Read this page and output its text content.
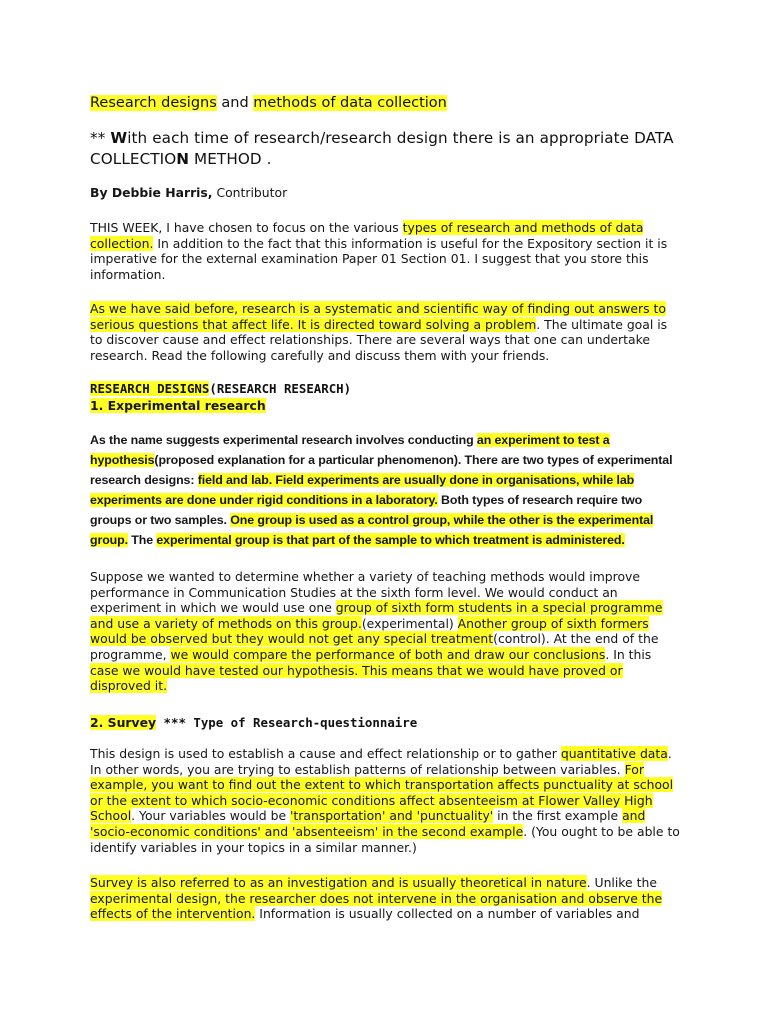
Research designs and methods of data collection

** With each time of research/research design there is an appropriate DATA COLLECTION METHOD .

By Debbie Harris, Contributor

THIS WEEK, I have chosen to focus on the various types of research and methods of data collection. In addition to the fact that this information is useful for the Expository section it is imperative for the external examination Paper 01 Section 01. I suggest that you store this information.

As we have said before, research is a systematic and scientific way of finding out answers to serious questions that affect life. It is directed toward solving a problem. The ultimate goal is to discover cause and effect relationships. There are several ways that one can undertake research. Read the following carefully and discuss them with your friends.

RESEARCH DESIGNS(RESEARCH RESEARCH)
1. Experimental research

As the name suggests experimental research involves conducting an experiment to test a hypothesis(proposed explanation for a particular phenomenon). There are two types of experimental research designs: field and lab. Field experiments are usually done in organisations, while lab experiments are done under rigid conditions in a laboratory. Both types of research require two groups or two samples. One group is used as a control group, while the other is the experimental group. The experimental group is that part of the sample to which treatment is administered.

Suppose we wanted to determine whether a variety of teaching methods would improve performance in Communication Studies at the sixth form level. We would conduct an experiment in which we would use one group of sixth form students in a special programme and use a variety of methods on this group.(experimental) Another group of sixth formers would be observed but they would not get any special treatment(control). At the end of the programme, we would compare the performance of both and draw our conclusions. In this case we would have tested our hypothesis. This means that we would have proved or disproved it.

2. Survey *** Type of Research-questionnaire

This design is used to establish a cause and effect relationship or to gather quantitative data. In other words, you are trying to establish patterns of relationship between variables. For example, you want to find out the extent to which transportation affects punctuality at school or the extent to which socio-economic conditions affect absenteeism at Flower Valley High School. Your variables would be 'transportation' and 'punctuality' in the first example and 'socio-economic conditions' and 'absenteeism' in the second example. (You ought to be able to identify variables in your topics in a similar manner.)

Survey is also referred to as an investigation and is usually theoretical in nature. Unlike the experimental design, the researcher does not intervene in the organisation and observe the effects of the intervention. Information is usually collected on a number of variables and
